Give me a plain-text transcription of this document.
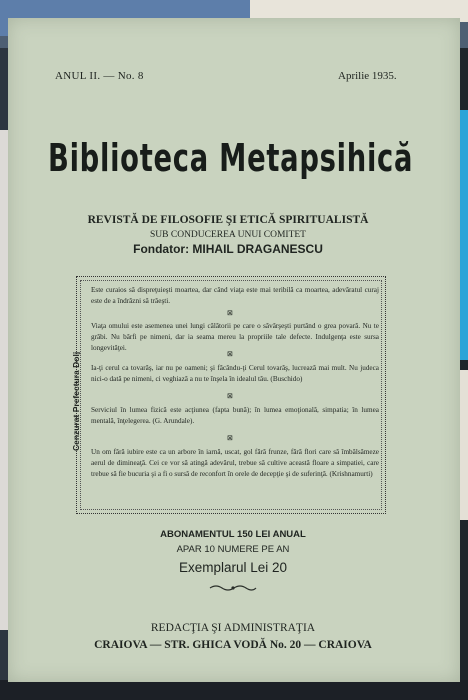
ANUL II. — No. 8	Aprilie 1935.
Biblioteca Metapsihică
REVISTĂ DE FILOSOFIE ŞI ETICĂ SPIRITUALISTĂ
SUB CONDUCEREA UNUI COMITET
Fondator: MIHAIL DRAGANESCU
Cenzurat Prefectura Dolj
Este curaios să dispreţuieşti moartea, dar când viaţa este mai teribilă ca moartea, adevăratul curaj este de a îndrăzni să trăeşti.
⊠
Viaţa omului este asemenea unei lungi călătorii pe care o săvârşeşti purtând o grea povară. Nu te grăbi. Nu bârfi pe nimeni, dar ia seama mereu la propriile tale defecte. Indulgenţa este sursa longevităţei.
⊠
Ia-ţi cerul ca tovarăş, iar nu pe oameni; şi făcându-ţi Cerul tovarăş, lucrează mai mult. Nu judeca nici-o dată pe nimeni, ci veghiază a nu te înşela în idealul tău. (Buschido)
⊠
Serviciul în lumea fizică este acţiunea (fapta bună); în lumea emoţională, simpatia; în lumea mentală, înţelegerea. (G. Arundale).
⊠
Un om fără iubire este ca un arbore în iarnă, uscat, gol fără frunze, fără flori care să îmbălsămeze aerul de dimineaţă. Cei ce vor să atingă adevărul, trebue să cultive această floare a simpatiei, care trebue să fie bucuria şi a fi o sursă de reconfort în orele de decepţie şi de suferinţă. (Krishnamurti)
ABONAMENTUL 150 LEI ANUAL
APAR 10 NUMERE PE AN
Exemplarul Lei 20
REDACŢIA ŞI ADMINISTRAŢIA
CRAIOVA — STR. GHICA VODĂ No. 20 — CRAIOVA
